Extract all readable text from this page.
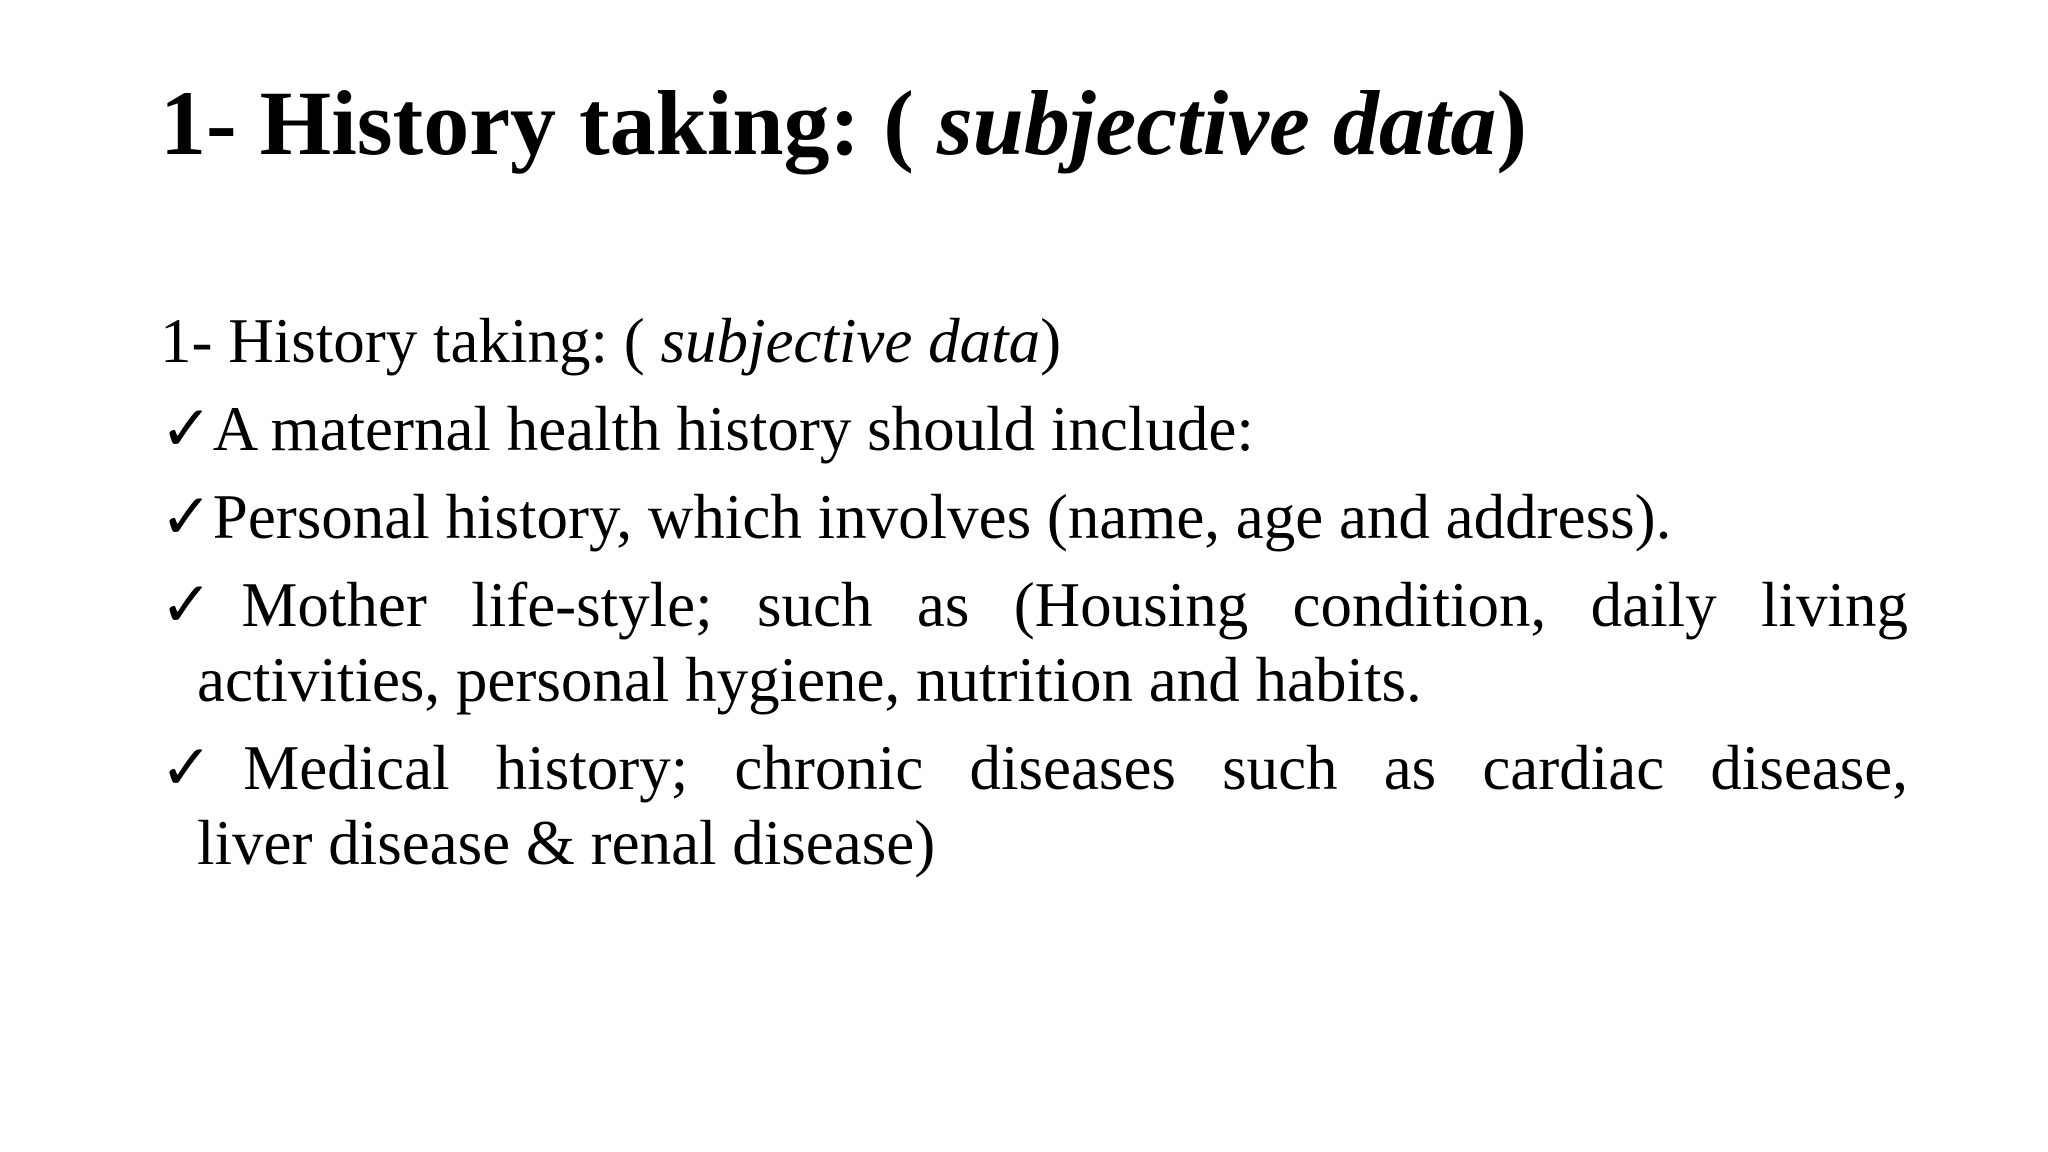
1- History taking: ( subjective data)

1- History taking: ( subjective data)

✓A maternal health history should include:

✓Personal history, which involves (name, age and address).

✓Mother life-style; such as (Housing condition, daily living
activities, personal hygiene, nutrition and habits.
✓Medical history; chronic diseases such as cardiac disease,
liver disease & renal disease)
